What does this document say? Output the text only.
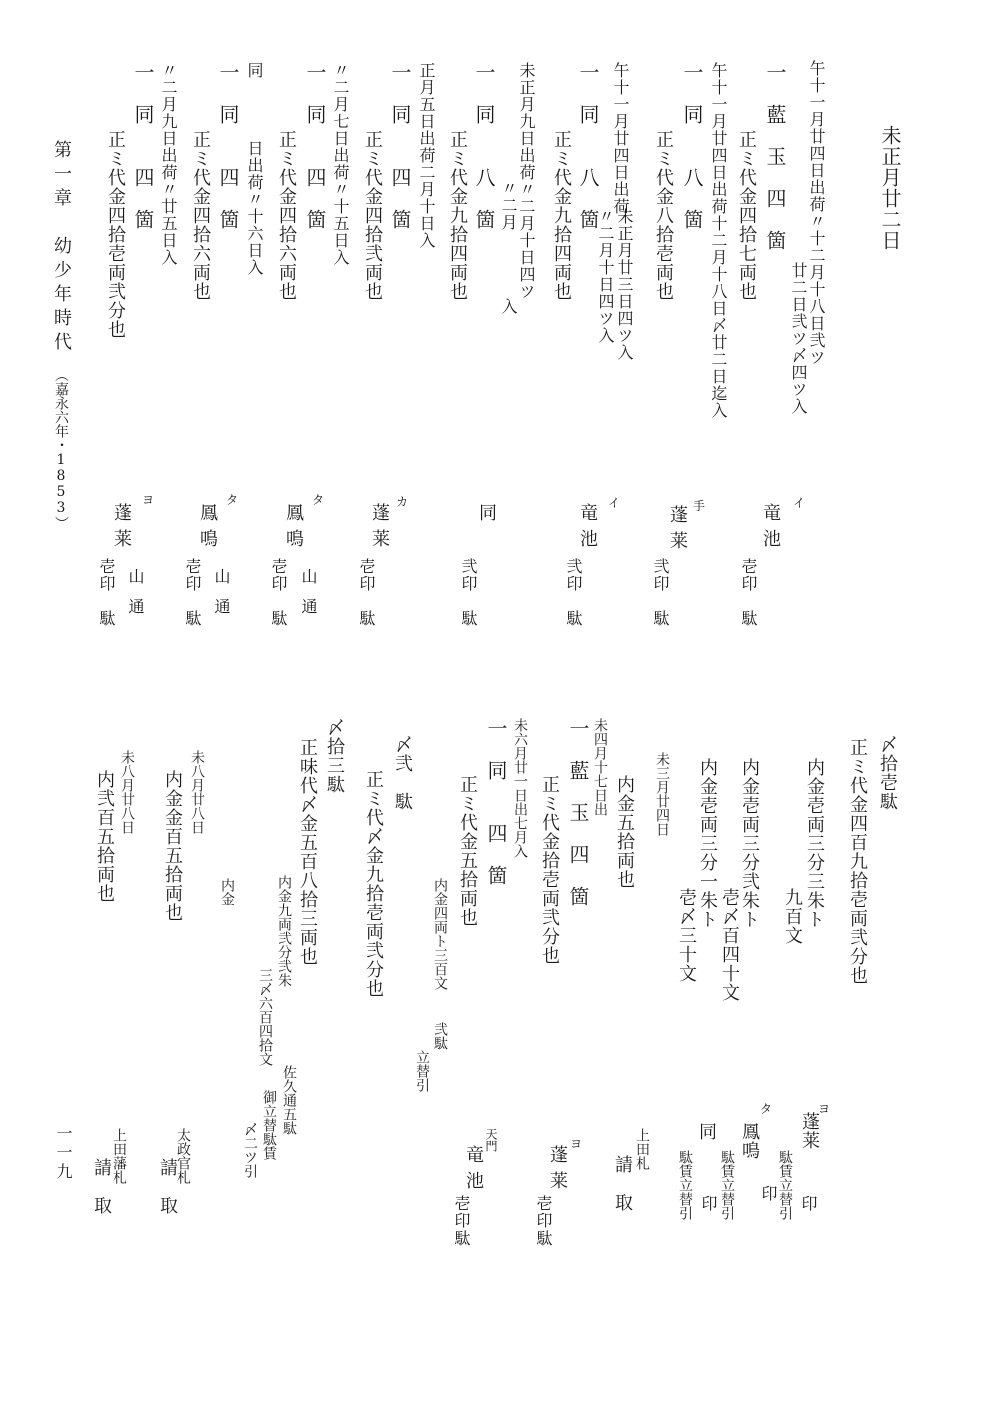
未正月廿二日
午十一月廿四日出荷〃十二月十八日弐ツ
廿二日弐ツ〆四ツ入
一　藍　玉　四　箇
正ミ代金四拾七両也
午十一月廿四日出荷十二月十八日〆廿二日迄入
一　同　　八　箇
正ミ代金八拾壱両也
午十一月廿四日出荷
未正月廿三日四ツ入
〃二月十日四ツ入
一　同　　八　箇
正ミ代金九拾四両也
未正月九日出荷〃二月十日四ツ
〃二月
入
一　同　　八　箇
正ミ代金九拾四両也
正月五日出荷二月十日入
一　同　　四　箇
正ミ代金四拾弐両也
〃二月七日出荷〃十五日入
一　同　　四　箇
正ミ代金四拾六両也
同
日出荷〃十六日入
一　同　　四　箇
正ミ代金四拾六両也
〃二月九日出荷〃廿五日入
一　同　　四　箇
正ミ代金四拾壱両弐分也
第一章　幼少年時代
（嘉永六年・1853）	イ
竜池
壱印
駄
手
蓬莱
弐印
駄
イ
竜池
弐印
駄
同
弐印
駄
カ
蓬莱
壱印
駄
タ
鳳鳴
壱印
駄 山通
タ
鳳鳴
壱印
駄 山通
ヨ
蓬莱
壱印
駄 山通
〆拾壱駄
正ミ代金四百九拾壱両弐分也
内金壱両三分三朱ト
九百文
内金壱両三分弐朱ト
壱〆百四十文
内金壱両三分一朱ト
壱〆三十文
未三月廿四日
内金五拾両也
未四月十七日出
一　藍　玉　四　箇
正ミ代金拾壱両弐分也
未六月廿一日出七月入
一　同　　四　箇
正ミ代金五拾両也
内金四両ト三百文
弐駄
立替引
〆弐　駄
正ミ代〆金九拾壱両弐分也
〆拾三駄
正味代〆金五百八拾三両也
内金九両弐分弐朱
三〆六百四拾文
佐久通五駄
御立替駄賃
〆二ツ引
内金
未八月廿八日
内金金百五拾両也
未八月廿八日
内弐百五拾両也
ヨ
蓬莱
駄賃立替引 印
タ
鳳鳴
駄賃立替引 印
同
駄賃立替引 印
上田札
請　取
ヨ
蓬莱
壱印
駄
天門
竜池
壱印
駄
太政官札
請　取
上田藩札
請　取
一一九
